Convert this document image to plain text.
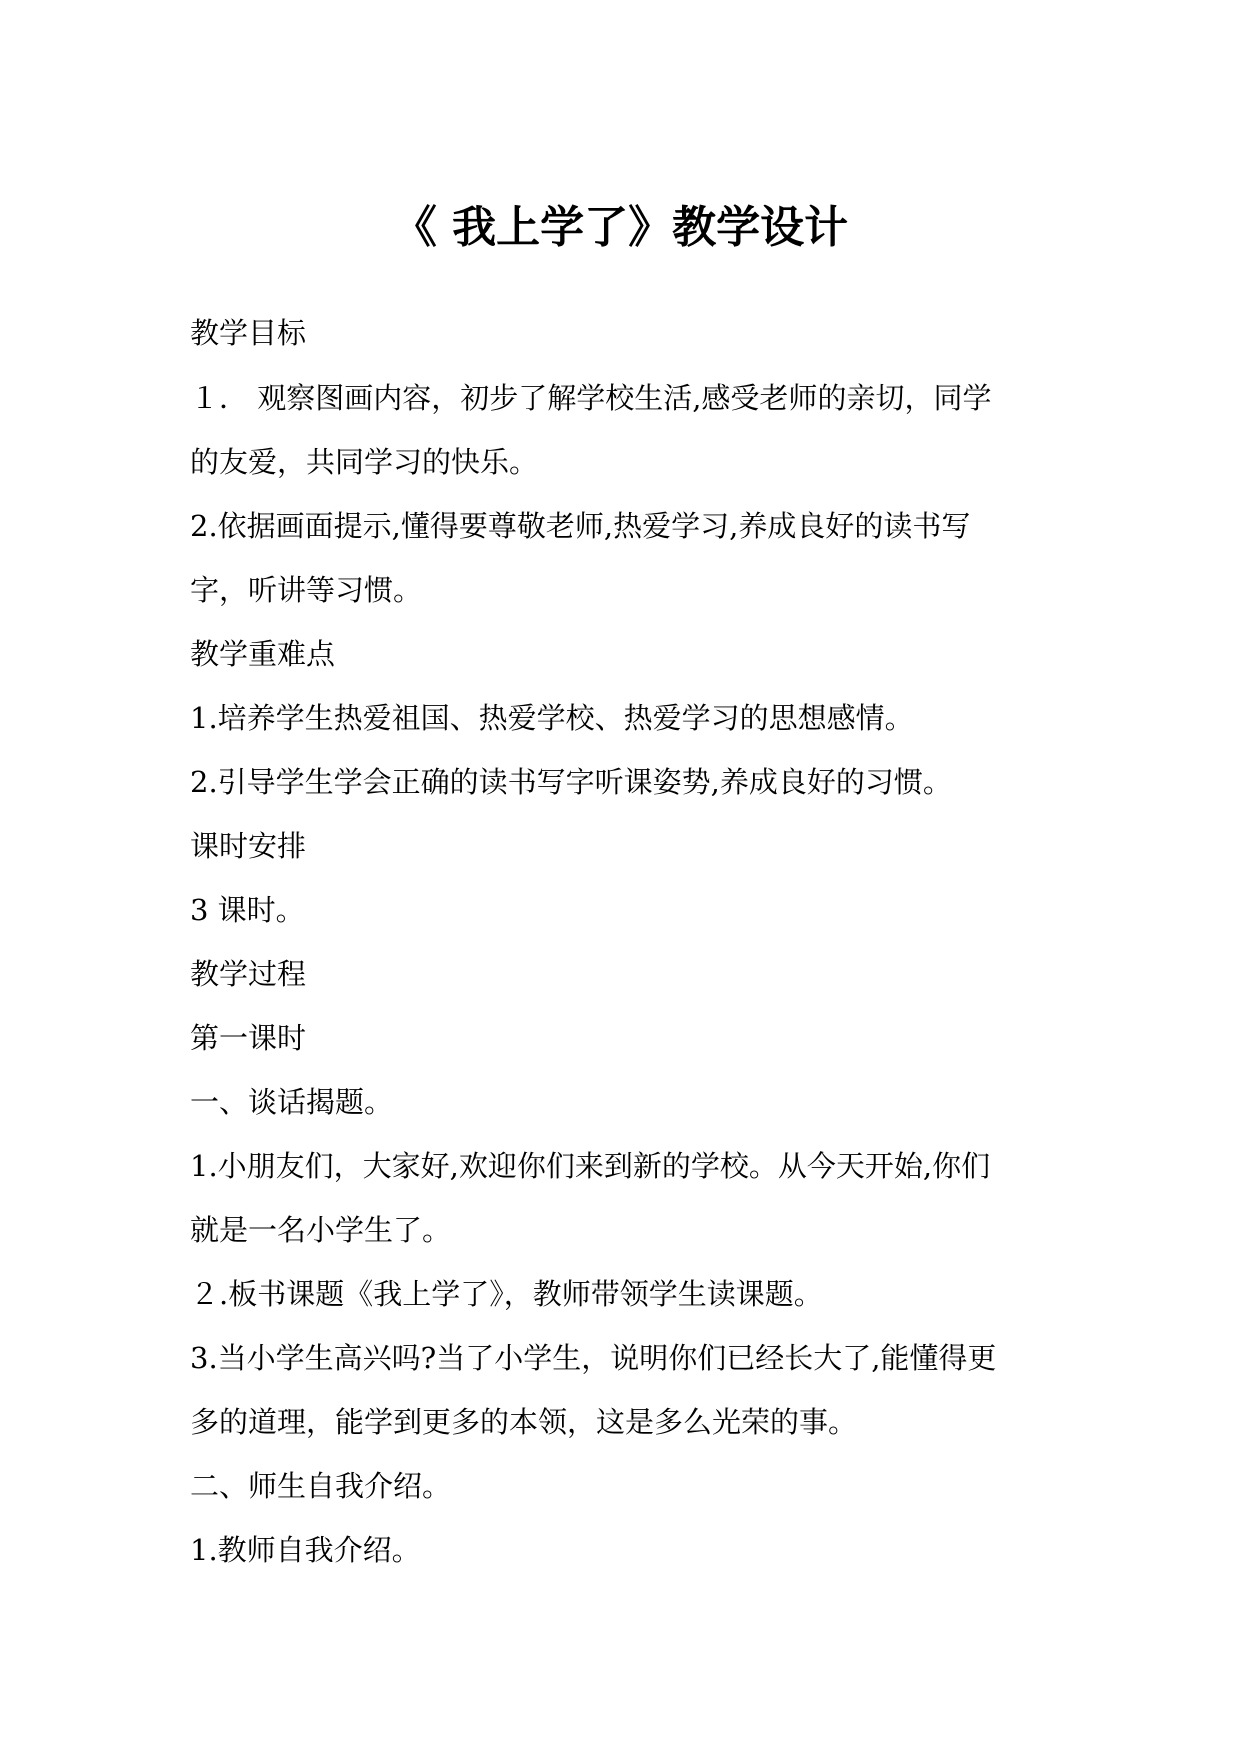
《 我上学了》教学设计
教学目标
１． 观察图画内容，初步了解学校生活,感受老师的亲切，同学
的友爱，共同学习的快乐。
2.依据画面提示,懂得要尊敬老师,热爱学习,养成良好的读书写
字，听讲等习惯。
教学重难点
1.培养学生热爱祖国、热爱学校、热爱学习的思想感情。
2.引导学生学会正确的读书写字听课姿势,养成良好的习惯。
课时安排
3 课时。
教学过程
第一课时
一、谈话揭题。
1.小朋友们，大家好,欢迎你们来到新的学校。从今天开始,你们
就是一名小学生了。
２.板书课题《我上学了》，教师带领学生读课题。
3.当小学生高兴吗?当了小学生，说明你们已经长大了,能懂得更
多的道理，能学到更多的本领，这是多么光荣的事。
二、师生自我介绍。
1.教师自我介绍。
